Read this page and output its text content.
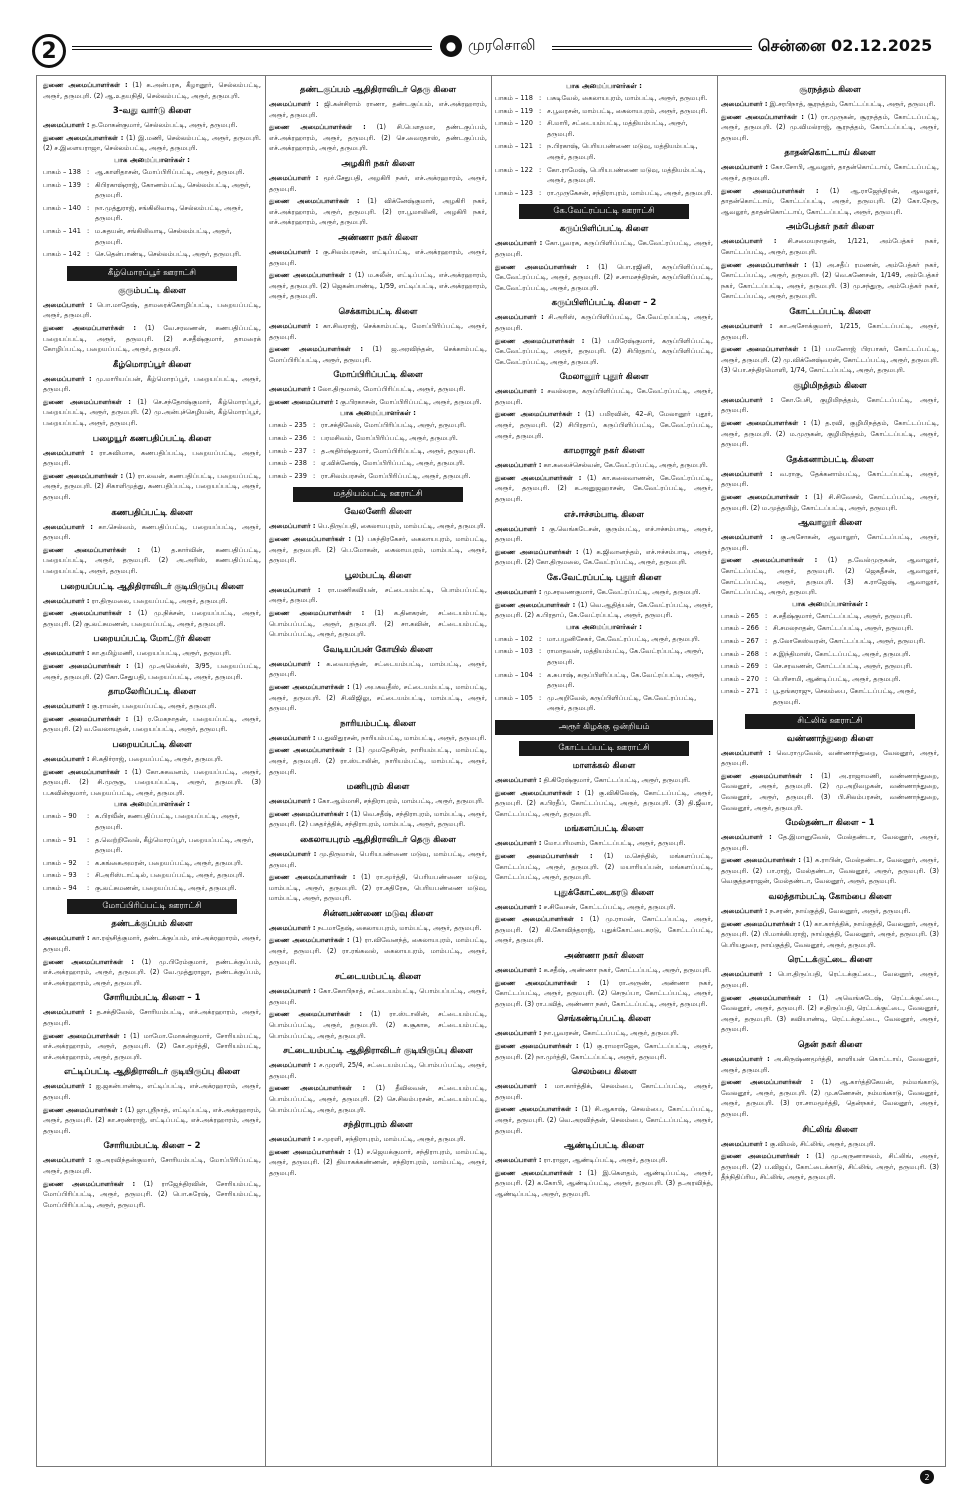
2	● முரசொலி	சென்னை 02.12.2025
துணை அமைப்பாளர்கள் : (1) க.அன்பரசு, கீழானூர், செல்லம்பட்டி, அரூர், தருமபுரி. (2) ஆ.உதயநிதி, செல்லம்பட்டி, அரூர், தருமபுரி.
3-வது வார்டு கிளை
அமைப்பாளர் : த.மோகன்குமார், செல்லம்பட்டி, அரூர், தருமபுரி.
துணை அமைப்பாளர்கள் : (1) இ.மணி, செல்லம்பட்டி, அரூர், தருமபுரி. (2) ச.இளையராஜா, செல்லம்பட்டி, அரூர், தருமபுரி.
பாக அமைப்பாளர்கள் :
பாகம் – 138 : ஆ.காளிதாசன், மோப்பிரிப்பட்டி, அரூர், தருமபுரி.
பாகம் – 139 : கிபிரகாஷ்ராஜ், கோணம்பட்டி, செல்லம்பட்டி, அரூர், தருமபுரி.
பாகம் – 140 : நா.முத்துராஜ், சங்கிலிவாடி, செல்லம்பட்டி, அரூர், தருமபுரி.
பாகம் – 141 : ம.சுதயன், சங்கிலிவாடி, செல்லம்பட்டி, அரூர், தருமபுரி.
பாகம் – 142 : செ.தென்பாண்டி, செல்லம்பட்டி, அரூர், தருமபுரி.
கீழ்மொரப்பூர் ஊராட்சி
குரும்பட்டி கிளை
அமைப்பாளர் : பொ.மாதேஷ், தாமரைக்கோழிப்பட்டி, பறையப்பட்டி, அரூர், தருமபுரி.
துணை அமைப்பாளர்கள் : (1) வே.சரவணன், கணபதிப்பட்டி, பறையப்பட்டி, அரூர், தருமபுரி. (2) ச.சதீஷ்குமார், தாமரைக் கோழிப்பட்டி, பறையப்பட்டி, அரூர், தருமபுரி.
கீழ்மொரப்பூர் கிளை
அமைப்பாளர் : மு.மாரியப்பன், கீழ்மொரப்பூர், பறையப்பட்டி, அரூர், தருமபுரி.
துணை அமைப்பாளர்கள் : (1) செ.சந்தோஷ்குமார், கீழ்மொரப்பூர், பறையப்பட்டி, அரூர், தருமபுரி. (2) மு.அன்புச்செழியன், கீழ்மொரப்பூர், பறையப்பட்டி, அரூர், தருமபுரி.
பழையூர் கணபதிப்பட்டி கிளை
அமைப்பாளர் : ரா.சுவிமாசு, கணபதிப்பட்டி, பறையப்பட்டி, அரூர், தருமபுரி.
துணை அமைப்பாளர்கள் : (1) ரா.லவன், கணபதிப்பட்டி, பறையப்பட்டி, அரூர், தருமபுரி. (2) சிகாளிமுத்து, கணபதிப்பட்டி, பறையப்பட்டி, அரூர், தருமபுரி.
கணபதிப்பட்டி கிளை
அமைப்பாளர் : கா.செல்வம், கணபதிப்பட்டி, பறையப்பட்டி, அரூர், தருமபுரி.
துணை அமைப்பாளர்கள் : (1) த.கார்வின், கணபதிப்பட்டி, பறையப்பட்டி, அரூர், தருமபுரி. (2) அ.அரிஸ், கணபதிப்பட்டி, பறையப்பட்டி, அரூர், தருமபுரி.
பறையப்பட்டி ஆதிதிராவிடர் குடியிருப்பு கிளை
அமைப்பாளர் : ரா.திருமலை, பறையப்பட்டி, அரூர், தருமபுரி.
துணை அமைப்பாளர்கள் : (1) மு.நிக்சன், பறையப்பட்டி, அரூர், தருமபுரி. (2) கு.லட்சுமணன், பறையப்பட்டி, அரூர், தருமபுரி.
பறையப்பட்டி மோட்டூர் கிளை
அமைப்பாளர் : கா.தமிழ்மணி, பறையப்பட்டி, அரூர், தருமபுரி.
துணை அமைப்பாளர்கள் : (1) மு.அலெக்ஸ், 3/95, பறையப்பட்டி, அரூர், தருமபுரி. (2) கோ.சேதுபதி, பறையப்பட்டி, அரூர், தருமபுரி.
தாமலேரிப்பட்டி கிளை
அமைப்பாளர் : கு.ராமன், பறையப்பட்டி, அரூர், தருமபுரி.
துணை அமைப்பாளர்கள் : (1) ர.மேகநாதன், பறையப்பட்டி, அரூர், தருமபுரி. (2) வ.வேலாயுதன், பறையப்பட்டி, அரூர், தருமபுரி.
பறையப்பட்டி கிளை
அமைப்பாளர் : சி.கதிர்ராஜ், பறையப்பட்டி, அரூர், தருமபுரி.
துணை அமைப்பாளர்கள் : (1) கோ.சுகவனம், பறையப்பட்டி, அரூர், தருமபுரி. (2) சி.முருகு, பறையப்பட்டி, அரூர், தருமபுரி. (3) ப.கவின்குமார், பறையப்பட்டி, அரூர், தருமபுரி.
பாக அமைப்பாளர்கள் :
பாகம் – 90	: க.பிரவீன், கணபதிப்பட்டி, பறையப்பட்டி, அரூர், தருமபுரி.
பாகம் – 91	: த.வெற்றிவேல், கீழ்மொரப்பூர், பறையப்பட்டி, அரூர், தருமபுரி.
பாகம் – 92	: க.கங்கைஅமரன், பறையப்பட்டி, அரூர், தருமபுரி.
பாகம் – 93	: சி.அரிஸ்டாட்டில், பறையப்பட்டி, அரூர், தருமபுரி.
பாகம் – 94	: கு.லட்சுமணன், பறையப்பட்டி, அரூர், தருமபுரி.
மோப்பிரிப்பட்டி ஊராட்சி
தண்டக்குப்பம் கிளை
அமைப்பாளர் : கா.ரஞ்சித்குமார், தண்டக்குப்பம், எச்.அக்ரஹாரம், அரூர், தருமபுரி.
துணை அமைப்பாளர்கள் : (1) மு.பிரேம்குமார், தண்டக்குப்பம், எச்.அக்ரஹாரம், அரூர், தருமபுரி. (2) வே.முத்துராஜா, தண்டக்குப்பம், எச்.அக்ரஹாரம், அரூர், தருமபுரி.
சோரியம்பட்டி கிளை – 1
அமைப்பாளர் : த.சக்திவேல், சோரியம்பட்டி, எச்.அக்ரஹாரம், அரூர், தருமபுரி.
துணை அமைப்பாளர்கள் : (1) மாமோ.மோகன்குமார், சோரியம்பட்டி, எச்.அக்ரஹாரம், அரூர், தருமபுரி. (2) கோ.மூர்த்தி, சோரியம்பட்டி, எச்.அக்ரஹாரம், அரூர், தருமபுரி.
எட்டிப்பட்டி ஆதிதிராவிடர் குடியிருப்பு கிளை
அமைப்பாளர் : ஐ.ஜகன்பாண்டி, எட்டிப்பட்டி, எச்.அக்ரஹாரம், அரூர், தருமபுரி.
துணை அமைப்பாளர்கள் : (1) ஜா.ஸ்ரீநாத், எட்டிப்பட்டி, எச்.அக்ரஹாரம், அரூர், தருமபுரி. (2) கா.சரண்ராஜ், எட்டிப்பட்டி, எச்.அக்ரஹாரம், அரூர், தருமபுரி.
சோரியம்பட்டி கிளை – 2
அமைப்பாளர் : கு.அரவிந்தன்குமார், சோரியம்பட்டி, மோப்பிரிப்பட்டி, அரூர், தருமபுரி.
துணை அமைப்பாளர்கள் : (1) ராஜேந்திரவின், சோரியம்பட்டி, மோப்பிரிப்பட்டி, அரூர், தருமபுரி. (2) பொ.சுரேஷ், சோரியம்பட்டி, மோப்பிரிப்பட்டி, அரூர், தருமபுரி.
தண்டகுப்பம் ஆதிதிராவிடர் தெரு கிளை
அமைப்பாளர் : ஜி.கன்சிராம் ராணா, தண்டகுப்பம், எச்.அக்ரஹாரம், அரூர், தருமபுரி.
துணை அமைப்பாளர்கள் : (1) சி.பௌதமா, தண்டகுப்பம், எச்.அக்ரஹாரம், அரூர், தருமபுரி. (2) செ.வைரதாஸ், தண்டகுப்பம், எச்.அக்ரஹாரம், அரூர், தருமபுரி.
அழகிரி நகர் கிளை
அமைப்பாளர் : மூர்.சேதுபதி, அழகிரி நகர், எச்.அக்ரஹாரம், அரூர், தருமபுரி.
துணை அமைப்பாளர்கள் : (1) விக்னேஷ்குமார், அழகிரி நகர், எச்.அக்ரஹாரம், அரூர், தருமபுரி. (2) ரா.பூமாலினி, அழகிரி நகர், எச்.அக்ரஹாரம், அரூர், தருமபுரி.
அண்ணா நகர் கிளை
அமைப்பாளர் : கு.சிலம்பரசன், எட்டிப்பட்டி, எச்.அக்ரஹாரம், அரூர், தருமபுரி.
துணை அமைப்பாளர்கள் : (1) ம.சுலீன், எட்டிப்பட்டி, எச்.அக்ரஹாரம், அரூர், தருமபுரி. (2) ஜெகன்பாண்டி, 1/59, எட்டிப்பட்டி, எச்.அக்ரஹாரம், அரூர், தருமபுரி.
செக்காம்பட்டி கிளை
அமைப்பாளர் : கா.சிவராஜ், செக்காம்பட்டி, மோப்பிரிப்பட்டி, அரூர், தருமபுரி.
துணை அமைப்பாளர்கள் : (1) ஜ.அரவிந்தன், செக்காம்பட்டி, மோப்பிரிப்பட்டி, அரூர், தருமபுரி.
மோப்பிரிப்பட்டி கிளை
அமைப்பாளர் : லோ.திருமால், மோப்பிரிப்பட்டி, அரூர், தருமபுரி.
துணை அமைப்பாளர் : கு.பிரகாசன், மோப்பிரிப்பட்டி, அரூர், தருமபுரி.
பாக அமைப்பாளர்கள் :
பாகம் – 235 : ரா.சக்திவேல், மோப்பிரிப்பட்டி, அரூர், தருமபுரி.
பாகம் – 236 : பரமசிவம், மோப்பிரிப்பட்டி, அரூர், தருமபுரி.
பாகம் – 237 : த.அதிர்ஷ்குமார், மோப்பிரிப்பட்டி, அரூர், தருமபுரி.
பாகம் – 238 : ஏ.விக்னேஷ், மோப்பிரிப்பட்டி, அரூர், தருமபுரி.
பாகம் – 239 : ரா.சிலம்பரசன், மோப்பிரிப்பட்டி, அரூர், தருமபுரி.
மத்தியம்பட்டி ஊராட்சி
வேலனேரி கிளை
அமைப்பாளர் : பெ.திருப்பதி, கைலாயபுரம், மாம்பட்டி, அரூர், தருமபுரி.
துணை அமைப்பாளர்கள் : (1) பசுந்திரகேசர், கைலாயபுரம், மாம்பட்டி, அரூர், தருமபுரி. (2) பெ.மோகன், கைலாயபுரம், மாம்பட்டி, அரூர், தருமபுரி.
பூலம்பட்டி கிளை
அமைப்பாளர் : ரா.மணிகவியன், சட்டையம்பட்டி, பொம்பப்பட்டி, அரூர், தருமபுரி.
துணை அமைப்பாளர்கள் : (1) க.தினகரன், சட்டையம்பட்டி, பொம்பப்பட்டி, அரூர், தருமபுரி. (2) சா.கவின், சட்டையம்பட்டி, பொம்பப்பட்டி, அரூர், தருமபுரி.
வேடியப்பன் கோயில் கிளை
அமைப்பாளர் : க.வையந்தன், சட்டையம்பட்டி, மாம்பட்டி, அரூர், தருமபுரி.
துணை அமைப்பாளர்கள் : (1) அபகவதீஸ், சட்டையம்பட்டி, மாம்பட்டி, அரூர், தருமபுரி. (2) சி.விஜிலு, சட்டையம்பட்டி, மாம்பட்டி, அரூர், தருமபுரி.
நாரியம்பட்டி கிளை
அமைப்பாளர் : ப.துவிதுரசன், நாரியம்பட்டி, மாம்பட்டி, அரூர், தருமபுரி.
துணை அமைப்பாளர்கள் : (1) முமதேசிரன், நாரியம்பட்டி, மாம்பட்டி, அரூர், தருமபுரி. (2) ரா.ஸ்டாலின், நாரியம்பட்டி, மாம்பட்டி, அரூர், தருமபுரி.
மணிபுரம் கிளை
அமைப்பாளர் : கோ.ஆம்மாசி, சந்திராபுரம், மாம்பட்டி, அரூர், தருமபுரி.
துணை அமைப்பாளர்கள் : (1) வெ.சதீஷ், சந்திராபுரம், மாம்பட்டி, அரூர், தருமபுரி. (2) பசுதர்த்திக், சந்திராபுரம், மாம்பட்டி, அரூர், தருமபுரி.
கைலாயபுரம் ஆதிதிராவிடர் தெரு கிளை
அமைப்பாளர் : மு.திருமால், பெரியபண்ணை மடுவு, மாம்பட்டி, அரூர், தருமபுரி.
துணை அமைப்பாளர்கள் : (1) ரா.மூர்த்தி, பெரியபண்ணை மடுவு, மாம்பட்டி, அரூர், தருமபுரி. (2) ரா.கதிரேசு, பெரியபண்ணை மடுவு, மாம்பட்டி, அரூர், தருமபுரி.
சின்னபண்ணை மடுவு கிளை
அமைப்பாளர் : நடமாதேஷ், கைலாயபுரம், மாம்பட்டி, அரூர், தருமபுரி.
துணை அமைப்பாளர்கள் : (1) ரா.விவேனந்த், கைலாயபுரம், மாம்பட்டி, அரூர், தருமபுரி. (2) ரா.ரங்கவல், கைலாயபுரம், மாம்பட்டி, அரூர், தருமபுரி.
சட்டையம்பட்டி கிளை
அமைப்பாளர் : கோ.கோபிநாத், சட்டையம்பட்டி, பொம்பப்பட்டி, அரூர், தருமபுரி.
துணை அமைப்பாளர்கள் : (1) ரா.ஸ்டாலின், சட்டையம்பட்டி, பொம்பப்பட்டி, அரூர், தருமபுரி. (2) க.சூகாசு, சட்டையம்பட்டி, பொம்பப்பட்டி, அரூர், தருமபுரி.
சட்டையம்பட்டி ஆதிதிராவிடர் குடியிருப்பு கிளை
அமைப்பாளர் : ச.முரளி, 25/4, சட்டையம்பட்டி, பொம்பப்பட்டி, அரூர், தருமபுரி.
துணை அமைப்பாளர்கள் : (1) தீவிலவன், சட்டையம்பட்டி, பொம்பப்பட்டி, அரூர், தருமபுரி. (2) செ.சிலம்பரசன், சட்டையம்பட்டி, பொம்பப்பட்டி, அரூர், தருமபுரி.
சந்திராபுரம் கிளை
அமைப்பாளர் : ச.முரளி, சந்திராபுரம், மாம்பட்டி, அரூர், தருமபுரி.
துணை அமைப்பாளர்கள் : (1) ச.ஜெயக்குமார், சந்திராபுரம், மாம்பட்டி, அரூர், தருமபுரி. (2) தியாகக்கண்ணன், சந்திராபுரம், மாம்பட்டி, அரூர், தருமபுரி.
பாக அமைப்பாளர்கள் :
பாகம் – 118 : பசுடிவேல், கைலாயபுரம், மாம்பட்டி, அரூர், தருமபுரி.
பாகம் – 119 : ச.பூவரசன், மாம்பட்டி, கைலாயபுரம், அரூர், தருமபுரி.
பாகம் – 120 : சி.மாரி, சட்டையம்பட்டி, மத்தியம்பட்டி, அரூர், தருமபுரி.
பாகம் – 121 : ந.பிரகாஷ், பெரியபண்ணை மடுவு, மத்தியம்பட்டி, அரூர், தருமபுரி.
பாகம் – 122 : கோ.ராமேஷ், பெரியபண்ணை மடுவு, மத்தியம்பட்டி, அரூர், தருமபுரி.
பாகம் – 123 : ரா.முருகேசன், சந்திராபுரம், மாம்பட்டி, அரூர், தருமபுரி.
கே.வேட்ரப்பட்டி ஊராட்சி
கருப்பிளிப்பட்டி கிளை
அமைப்பாளர் : கோ.பூவரசு, கருப்பிளிப்பட்டி, கே.வேட்ரப்பட்டி, அரூர், தருமபுரி.
துணை அமைப்பாளர்கள் : (1) பொ.ரஜினி, கருப்பிளிப்பட்டி, கே.வேட்ரப்பட்டி, அரூர், தருமபுரி. (2) ச.சாமசந்திரன், கருப்பிளிப்பட்டி, கே.வேட்ரப்பட்டி, அரூர், தருமபுரி.
கருப்பிளிப்பட்டி கிளை – 2
அமைப்பாளர் : சி.அரிஸ், கருப்பிளிப்பட்டி, கே.வேட்ரப்பட்டி, அரூர், தருமபுரி.
துணை அமைப்பாளர்கள் : (1) பமிரேஷ்குமார், கருப்பிளிப்பட்டி, கே.வேட்ரப்பட்டி, அரூர், தருமபுரி. (2) சிபிரதாப், கருப்பிளிப்பட்டி, கே.வேட்ரப்பட்டி, அரூர், தருமபுரி.
மேலானூர் புதூர் கிளை
அமைப்பாளர் : சவல்லரசு, கருப்பிளிப்பட்டி, கே.வேட்ரப்பட்டி, அரூர், தருமபுரி.
துணை அமைப்பாளர்கள் : (1) பமிரவின், 42–சி, மேலானூர் புதூர், அரூர், தருமபுரி. (2) சிபிரதாப், கருப்பிளிப்பட்டி, கே.வேட்ரப்பட்டி, அரூர், தருமபுரி.
காமராஜர் நகர் கிளை
அமைப்பாளர் : கா.கலைச்செல்வன், கே.வேட்ரப்பட்டி, அரூர், தருமபுரி.
துணை அமைப்பாளர்கள் : (1) கா.கலைவாணன், கே.வேட்ரப்பட்டி, அரூர், தருமபுரி. (2) க.அனுஜஹாசன், கே.வேட்ரப்பட்டி, அரூர், தருமபுரி.
எச்.ஈச்சம்பாடி கிளை
அமைப்பாளர் : கு.வெங்கடேசன், குரும்பட்டி, எச்.ஈச்சம்பாடி, அரூர், தருமபுரி.
துணை அமைப்பாளர்கள் : (1) க.ஜிவானந்தம், எச்.ஈச்சம்பாடி, அரூர், தருமபுரி. (2) கோ.திருமலை, கே.வேட்ரப்பட்டி, அரூர், தருமபுரி.
கே.வேட்ரப்பட்டி புதூர் கிளை
அமைப்பாளர் : மு.சரவணகுமார், கே.வேட்ரப்பட்டி, அரூர், தருமபுரி.
துணை அமைப்பாளர்கள் : (1) வெ.ஆதித்யன், கே.வேட்ரப்பட்டி, அரூர், தருமபுரி. (2) க.பிரதாப், கே.வேட்ரப்பட்டி, அரூர், தருமபுரி.
பாக அமைப்பாளர்கள் :
பாகம் – 102 : மா.பழனிசேகர், கே.வேட்ரப்பட்டி, அரூர், தருமபுரி.
பாகம் – 103 : ராமாதவன், மத்தியம்பட்டி, கே.வேட்ரப்பட்டி, அரூர், தருமபுரி.
பாகம் – 104 : க.சுபாஷ், கருப்பிளிப்பட்டி, கே.வேட்ரப்பட்டி, அரூர், தருமபுரி.
பாகம் – 105 : மு.அறிவேல், கருப்பிளிப்பட்டி, கே.வேட்ரப்பட்டி, அரூர், தருமபுரி.
அரூர் கிழக்கு ஒன்றியம்
கோட்டப்பட்டி ஊராட்சி
மாளக்கல் கிளை
அமைப்பாளர் : தி.கிரேஷ்குமார், கோட்டப்பட்டி, அரூர், தருமபுரி.
துணை அமைப்பாளர்கள் : (1) கு.விகிலேஷ், கோட்டப்பட்டி, அரூர், தருமபுரி. (2) க.பிரதீப், கோட்டப்பட்டி, அரூர், தருமபுரி. (3) தி.ஜீவா, கோட்டப்பட்டி, அரூர், தருமபுரி.
மங்களப்பட்டி கிளை
அமைப்பாளர் : மோ.பரிமளம், கோட்டப்பட்டி, அரூர், தருமபுரி.
துணை அமைப்பாளர்கள் : (1) ம.செந்தில், மங்களப்பட்டி, கோட்டப்பட்டி, அரூர், தருமபுரி. (2) மயாரியப்பன், மங்களப்பட்டி, கோட்டப்பட்டி, அரூர், தருமபுரி.
புதுக்கோட்டைகரடு கிளை
அமைப்பாளர் : ச.சிவேசன், கோட்டப்பட்டி, அரூர், தருமபுரி.
துணை அமைப்பாளர்கள் : (1) மு.ராமன், கோட்டப்பட்டி, அரூர், தருமபுரி. (2) கி.கோவிந்தராஜ், புதுக்கோட்டைகரடு, கோட்டப்பட்டி, அரூர், தருமபுரி.
அண்ணா நகர் கிளை
அமைப்பாளர் : க.சதீஷ், அண்ணா நகர், கோட்டப்பட்டி, அரூர், தருமபுரி.
துணை அமைப்பாளர்கள் : (1) ரா.அருண், அண்ணா நகர், கோட்டப்பட்டி, அரூர், தருமபுரி. (2) செருப்பா, கோட்டப்பட்டி, அரூர், தருமபுரி. (3) ரா.பவித், அண்ணா நகர், கோட்டப்பட்டி, அரூர், தருமபுரி.
செங்கண்டிப்பட்டி கிளை
அமைப்பாளர் : நா.பூவரசன், கோட்டப்பட்டி, அரூர், தருமபுரி.
துணை அமைப்பாளர்கள் : (1) கு.ராமராஜேசு, கோட்டப்பட்டி, அரூர், தருமபுரி. (2) நா.முர்த்தி, கோட்டப்பட்டி, அரூர், தருமபுரி.
செலம்பை கிளை
அமைப்பாளர் : மா.கார்த்திக், செலம்பை, கோட்டப்பட்டி, அரூர், தருமபுரி.
துணை அமைப்பாளர்கள் : (1) சி.ஆகாஷ், செலம்பை, கோட்டப்பட்டி, அரூர், தருமபுரி. (2) வெ.அரவிந்தன், செலம்பை, கோட்டப்பட்டி, அரூர், தருமபுரி.
ஆண்டிப்பட்டி கிளை
அமைப்பாளர் : ரா.ராஜா, ஆண்டிப்பட்டி, அரூர், தருமபுரி.
துணை அமைப்பாளர்கள் : (1) இ.கௌதம், ஆண்டிப்பட்டி, அரூர், தருமபுரி. (2) க.கோபி, ஆண்டிப்பட்டி, அரூர், தருமபுரி. (3) த.அரவிந்த், ஆண்டிப்பட்டி, அரூர், தருமபுரி.
சூரநத்தம் கிளை
அமைப்பாளர் : இ.சரபிநாத், சூரநத்தம், கோட்டப்பட்டி, அரூர், தருமபுரி.
துணை அமைப்பாளர்கள் : (1) ரா.முருகன், சூரநத்தம், கோட்டப்பட்டி, அரூர், தருமபுரி. (2) மு.விமல்ராஜ், சூரநத்தம், கோட்டப்பட்டி, அரூர், தருமபுரி.
தாதன்கொட்டாய் கிளை
அமைப்பாளர் : கோ.சோபி, ஆவலூர், தாதன்கொட்டாய், கோட்டப்பட்டி, அரூர், தருமபுரி.
துணை அமைப்பாளர்கள் : (1) ஆ.ராஜேந்திரன், ஆவலூர், தாதன்கொட்டாய், கோட்டப்பட்டி, அரூர், தருமபுரி. (2) கோ.நேரு, ஆவலூர், தாதன்கொட்டாய், கோட்டப்பட்டி, அரூர், தருமபுரி.
அம்பேத்கர் நகர் கிளை
அமைப்பாளர் : சி.சமையநாதன், 1/121, அம்பேத்கர் நகர், கோட்டப்பட்டி, அரூர், தருமபுரி.
துணை அமைப்பாளர்கள் : (1) அ.சதீப் ரமணன், அம்பேத்கர் நகர், கோட்டப்பட்டி, அரூர், தருமபுரி. (2) வெ.கணேசன், 1/149, அம்பேத்கர் நகர், கோட்டப்பட்டி, அரூர், தருமபுரி. (3) மு.சந்துரு, அம்பேத்கர் நகர், கோட்டப்பட்டி, அரூர், தருமபுரி.
கோட்டப்பட்டி கிளை
அமைப்பாளர் : கா.அசோக்குமார், 1/215, கோட்டப்பட்டி, அரூர், தருமபுரி.
துணை அமைப்பாளர்கள் : (1) பமனோஜ் பிரபாகர், கோட்டப்பட்டி, அரூர், தருமபுரி. (2) மு.விக்னேஷ்வரன், கோட்டப்பட்டி, அரூர், தருமபுரி. (3) பொ.சந்திரமொளி, 1/74, கோட்டப்பட்டி, அரூர், தருமபுரி.
குழிமிநத்தம் கிளை
அமைப்பாளர் : கோ.பேசி, குழிமிநத்தம், கோட்டப்பட்டி, அரூர், தருமபுரி.
துணை அமைப்பாளர்கள் : (1) த.ரவி, குழிமிநத்தம், கோட்டப்பட்டி, அரூர், தருமபுரி. (2) ம.முருகன், குழிமிநத்தம், கோட்டப்பட்டி, அரூர், தருமபுரி.
தேக்கனாம்பட்டி கிளை
அமைப்பாளர் : வ.ராகு, தேக்கனாம்பட்டி, கோட்டப்பட்டி, அரூர், தருமபுரி.
துணை அமைப்பாளர்கள் : (1) சி.சிவேசல், கோட்டப்பட்டி, அரூர், தருமபுரி. (2) ம.முத்தமிழ், கோட்டப்பட்டி, அரூர், தருமபுரி.
ஆவாலூர் கிளை
அமைப்பாளர் : கு.அசோகன், ஆவாலூர், கோட்டப்பட்டி, அரூர், தருமபுரி.
துணை அமைப்பாளர்கள் : (1) த.வேல்முருகன், ஆவாலூர், கோட்டப்பட்டி, அரூர், தருமபுரி. (2) ஜெகதீசன், ஆவாலூர், கோட்டப்பட்டி, அரூர், தருமபுரி. (3) க.ராஜேஷ், ஆவாலூர், கோட்டப்பட்டி, அரூர், தருமபுரி.
பாக அமைப்பாளர்கள் :
பாகம் – 265 : ச.சதீஷ்குமார், கோட்டப்பட்டி, அரூர், தருமபுரி.
பாகம் – 266 : சி.சமலநாதன், கோட்டப்பட்டி, அரூர், தருமபுரி.
பாகம் – 267 : த.லோகேஸ்வரன், கோட்டப்பட்டி, அரூர், தருமபுரி.
பாகம் – 268 : ச.இந்திமாஸ், கோட்டப்பட்டி, அரூர், தருமபுரி.
பாகம் – 269 : செ.சரவணன், கோட்டப்பட்டி, அரூர், தருமபுரி.
பாகம் – 270 : பெரிசாமி, ஆண்டிப்பட்டி, அரூர், தருமபுரி.
பாகம் – 271 : பூ.தங்கராஜு, செலம்பை, கோட்டப்பட்டி, அரூர், தருமபுரி.
சிட்லிங் ஊராட்சி
வண்ணாந்துறை கிளை
அமைப்பாளர் : வெ.ராமுவேல், வண்ணாந்துறை, வேலனூர், அரூர், தருமபுரி.
துணை அமைப்பாளர்கள் : (1) அ.ராஜாமணி, வண்ணாந்துறை, வேலனூர், அரூர், தருமபுரி. (2) மு.அறிவழகன், வண்ணாந்துறை, வேலனூர், அரூர், தருமபுரி. (3) பி.சிலம்பரசன், வண்ணாந்துறை, வேலனூர், அரூர், தருமபுரி.
மேல்தண்டா கிளை – 1
அமைப்பாளர் : தே.இமானுவேல், மேல்தண்டா, வேலனூர், அரூர், தருமபுரி.
துணை அமைப்பாளர்கள் : (1) சு.ராபின், மேல்தண்டா, வேலனூர், அரூர், தருமபுரி. (2) பா.ராஜ், மேல்தண்டா, வேலனூர், அரூர், தருமபுரி. (3) வெகுத்தசராஜன், மேல்தண்டா, வேலனூர், அரூர், தருமபுரி.
வலத்தாம்பட்டி கோம்பை கிளை
அமைப்பாளர் : ந.சரண், நாய்குத்தி, வேலனூர், அரூர், தருமபுரி.
துணை அமைப்பாளர்கள் : (1) கா.கார்த்திக், நாய்குத்தி, வேலனூர், அரூர், தருமபுரி. (2) பி.மாக்கிபராஜ், நாய்குத்தி, வேலனூர், அரூர், தருமபுரி. (3) பெரியதுரை, நாய்குத்தி, வேலனூர், அரூர், தருமபுரி.
ரெட்டக்குட்டை கிளை
அமைப்பாளர் : பொ.திருப்பதி, ரெட்டக்குட்டை, வேலனூர், அரூர், தருமபுரி.
துணை அமைப்பாளர்கள் : (1) அவெங்கடேஷ், ரெட்டக்குட்டை, வேலனூர், அரூர், தருமபுரி. (2) ச.திருப்பதி, ரெட்டக்குட்டை, வேலனூர், அரூர், தருமபுரி. (3) கவியாண்டி, ரெட்டக்குட்டை, வேலனூர், அரூர், தருமபுரி.
தென் நகர் கிளை
அமைப்பாளர் : அ.கிருஷ்ணமூர்த்தி, காளியன் கொட்டாய், வேலனூர், அரூர், தருமபுரி.
துணை அமைப்பாளர்கள் : (1) ஆ.கார்த்திகேயன், நம்மங்காடு, வேலனூர், அரூர், தருமபுரி. (2) மு.கணேசன், நம்மங்காடு, வேலனூர், அரூர், தருமபுரி. (3) ரா.சாமமூர்த்தி, தென்நகர், வேலனூர், அரூர், தருமபுரி.
சிட்லிங் கிளை
அமைப்பாளர் : கு.விமல், சிட்லிங், அரூர், தருமபுரி.
துணை அமைப்பாளர்கள் : (1) மு.அருணாசலம், சிட்லிங், அரூர், தருமபுரி. (2) ப.விஜய், கோட்டைக்காடு, சிட்லிங், அரூர், தருமபுரி. (3) தீந்நிதிப்ரிய, சிட்லிங், அரூர், தருமபுரி.
2
